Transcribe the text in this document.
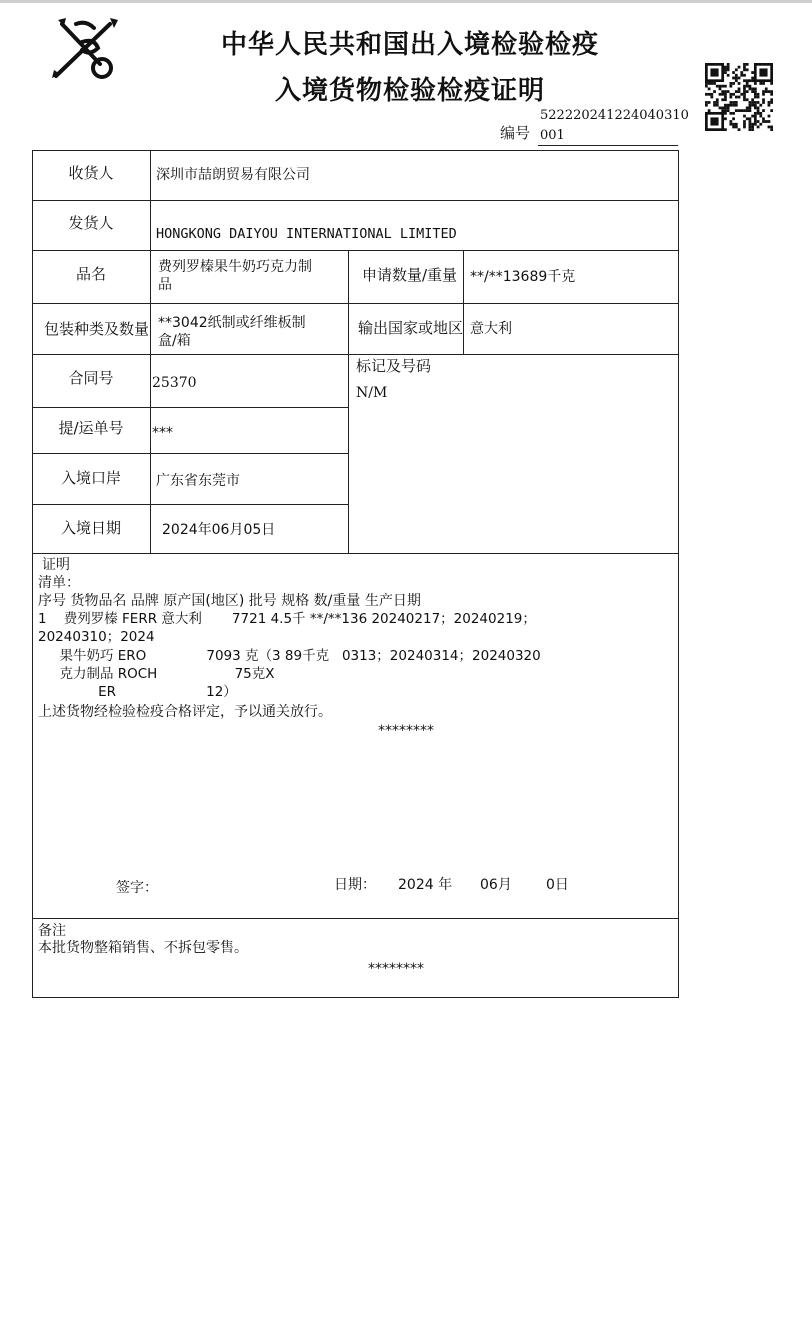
中华人民共和国出入境检验检疫
入境货物检验检疫证明
522220241224040310
编号 001
收货人	深圳市喆朗贸易有限公司
发货人
HONGKONG DAIYOU INTERNATIONAL LIMITED
品名	费列罗榛果牛奶巧克力制
品
申请数量/重量 **/**13689千克
包装种类及数量 **3042纸制或纤维板制
盒/箱
输出国家或地区 意大利
合同号	25370
标记及号码
N/M
提/运单号	***
入境口岸	广东省东莞市
入境日期	2024年06月05日
证明
清单：
序号 货物品名 品牌 原产国(地区) 批号 规格 数/重量 生产日期
1    费列罗榛 FERR 意大利       7721 4.5千 **/**136 20240217；20240219；
20240310；2024
果牛奶巧 ERO              7093 克（3 89千克   0313；20240314；20240320
克力制品 ROCH                  75克X
ER                     12）
上述货物经检验检疫合格评定，予以通关放行。
********
签字：	日期： 2024 年 06月 0日
备注
本批货物整箱销售、不拆包零售。
********
